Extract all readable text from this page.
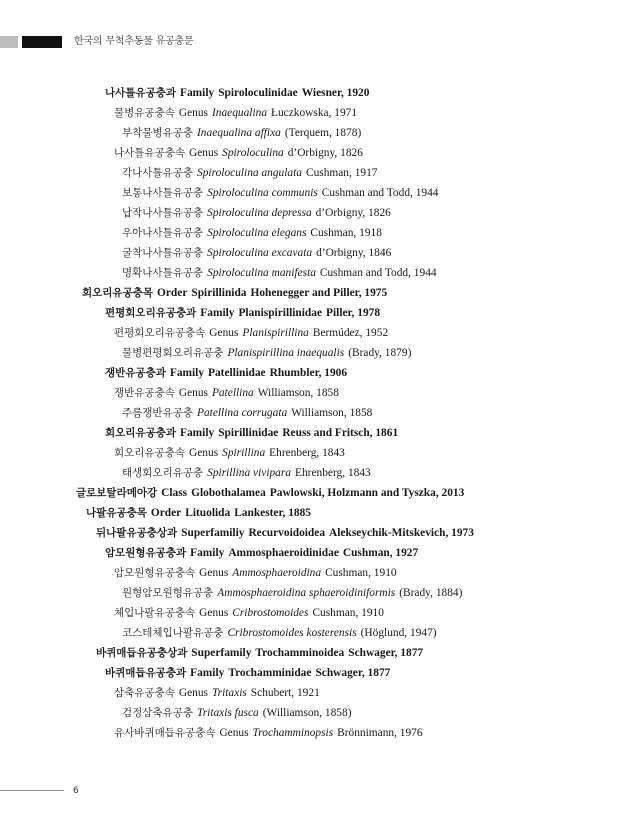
한국의 무척추동물 유공충문
나사틀유공충과 Family Spiroloculinidae Wiesner, 1920
물병유공충속 Genus Inaequalina Łuczkowska, 1971
부착물병유공충 Inaequalina affixa (Terquem, 1878)
나사틀유공충속 Genus Spiroloculina d’Orbigny, 1826
각나사틀유공충 Spiroloculina angulata Cushman, 1917
보통나사틀유공충 Spiroloculina communis Cushman and Todd, 1944
납작나사틀유공충 Spiroloculina depressa d’Orbigny, 1826
우아나사틀유공충 Spiroloculina elegans Cushman, 1918
굴착나사틀유공충 Spiroloculina excavata d’Orbigny, 1846
명확나사틀유공충 Spiroloculina manifesta Cushman and Todd, 1944
회오리유공충목 Order Spirillinida Hohenegger and Piller, 1975
편평회오리유공충과 Family Planispirillinidae Piller, 1978
편평회오리유공충속 Genus Planispirillina Bermúdez, 1952
물병편평회오리유공충 Planispirillina inaequalis (Brady, 1879)
쟁반유공충과 Family Patellinidae Rhumbler, 1906
쟁반유공충속 Genus Patellina Williamson, 1858
주름쟁반유공충 Patellina corrugata Williamson, 1858
회오리유공충과 Family Spirillinidae Reuss and Fritsch, 1861
회오리유공충속 Genus Spirillina Ehrenberg, 1843
태생회오리유공충 Spirillina vivipara Ehrenberg, 1843
글로보탈라메아강 Class Globothalamea Pawlowski, Holzmann and Tyszka, 2013
나팔유공충목 Order Lituolida Lankester, 1885
뒤나팔유공충상과 Superfamiliy Recurvoidoidea Alekseychik-Mitskevich, 1973
암모원형유공충과 Family Ammosphaeroidinidae Cushman, 1927
암모원형유공충속 Genus Ammosphaeroidina Cushman, 1910
원형암모원형유공충 Ammosphaeroidina sphaeroidiniformis (Brady, 1884)
체입나팔유공충속 Genus Cribrostomoides Cushman, 1910
코스테체입나팔유공충 Cribrostomoides kosterensis (Höglund, 1947)
바퀴매듭유공충상과 Superfamily Trochamminoidea Schwager, 1877
바퀴매듭유공충과 Family Trochamminidae Schwager, 1877
삼축유공충속 Genus Tritaxis Schubert, 1921
검정삼축유공충 Tritaxis fusca (Williamson, 1858)
유사바퀴매듭유공충속 Genus Trochamminopsis Brönnimann, 1976
6
